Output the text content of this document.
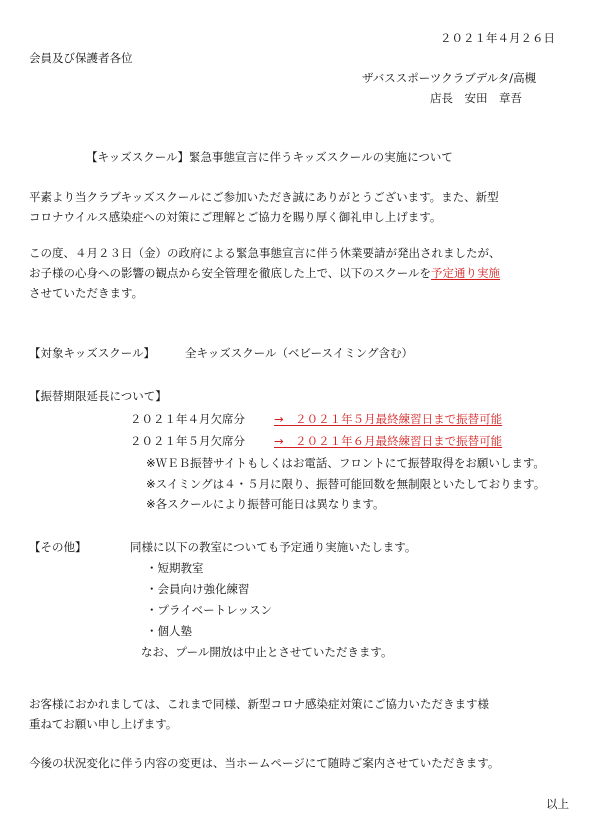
２０２１年４月２６日
会員及び保護者各位
ザバススポーツクラブデルタ/高槻
店長　安田　章吾
【キッズスクール】緊急事態宣言に伴うキッズスクールの実施について
平素より当クラブキッズスクールにご参加いただき誠にありがとうございます。また、新型
コロナウイルス感染症への対策にご理解とご協力を賜り厚く御礼申し上げます。
この度、４月２３日（金）の政府による緊急事態宣言に伴う休業要請が発出されましたが、
お子様の心身への影響の観点から安全管理を徹底した上で、以下のスクールを予定通り実施
させていただきます。
【対象キッズスクール】	全キッズスクール（ベビースイミング含む）
【振替期限延長について】
２０２１年４月欠席分	→　２０２１年５月最終練習日まで振替可能
２０２１年５月欠席分	→　２０２１年６月最終練習日まで振替可能
※ＷＥＢ振替サイトもしくはお電話、フロントにて振替取得をお願いします。
※スイミングは４・５月に限り、振替可能回数を無制限といたしております。
※各スクールにより振替可能日は異なります。
【その他】	同様に以下の教室についても予定通り実施いたします。
・短期教室
・会員向け強化練習
・プライベートレッスン
・個人塾
なお、プール開放は中止とさせていただきます。
お客様におかれましては、これまで同様、新型コロナ感染症対策にご協力いただきます様
重ねてお願い申し上げます。
今後の状況変化に伴う内容の変更は、当ホームページにて随時ご案内させていただきます。
以上
